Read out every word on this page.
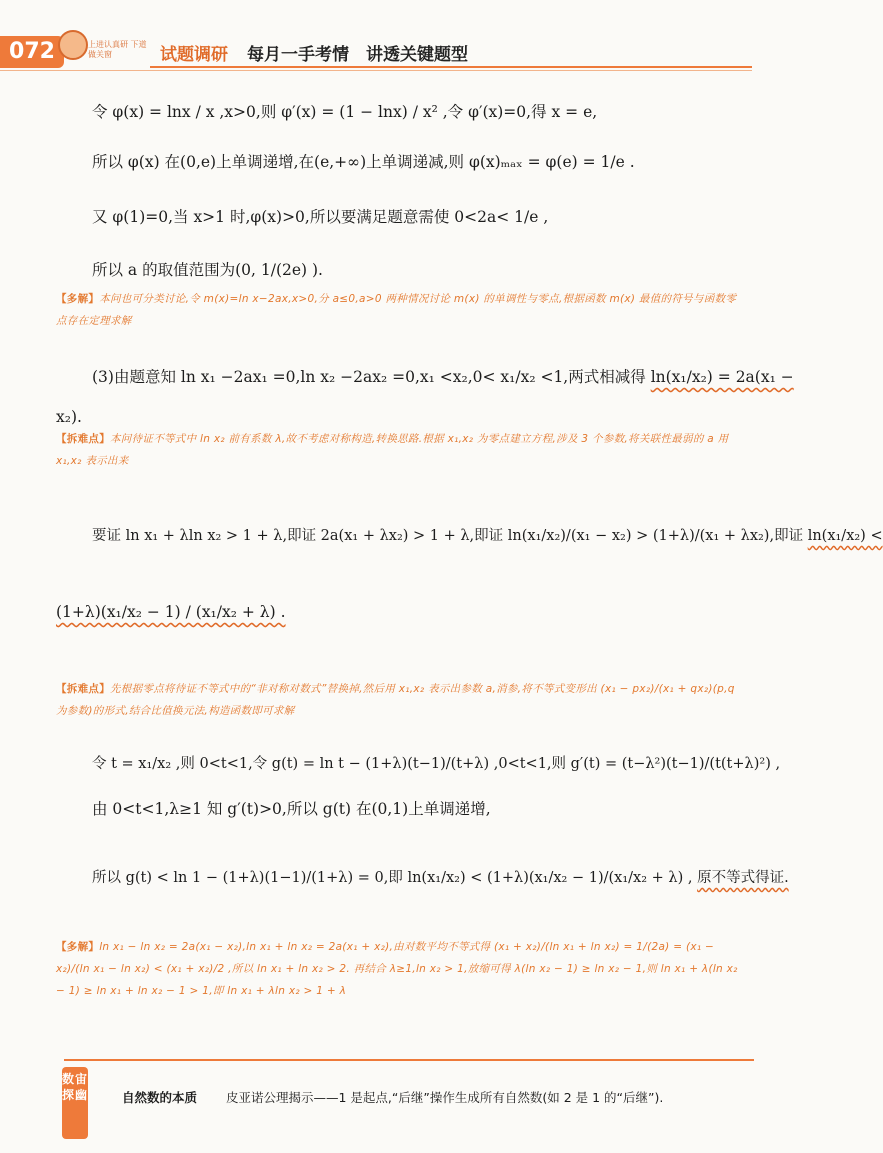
072	上进认真研 下道做关窗	试题调研 每月一手考情　讲透关键题型
令 φ(x) = lnx / x ,x>0,则 φ′(x) = (1 − lnx) / x² ,令 φ′(x)=0,得 x = e,
所以 φ(x) 在(0,e)上单调递增,在(e,+∞)上单调递减,则 φ(x)ₘₐₓ = φ(e) = 1/e .
又 φ(1)=0,当 x>1 时,φ(x)>0,所以要满足题意需使 0<2a< 1/e ,
所以 a 的取值范围为(0, 1/(2e) ).
【多解】本问也可分类讨论,令 m(x)=ln x−2ax,x>0,分 a≤0,a>0 两种情况讨论 m(x) 的单调性与零点,根据函数 m(x) 最值的符号与函数零点存在定理求解
(3)由题意知 ln x₁ −2ax₁ =0,ln x₂ −2ax₂ =0,x₁ <x₂,0< x₁/x₂ <1,两式相减得 ln(x₁/x₂) = 2a(x₁ −
x₂).
【拆难点】本问待证不等式中 ln x₂ 前有系数 λ,故不考虑对称构造,转换思路.根据 x₁,x₂ 为零点建立方程,涉及 3 个参数,将关联性最弱的 a 用 x₁,x₂ 表示出来
要证 ln x₁ + λln x₂ > 1 + λ,即证 2a(x₁ + λx₂) > 1 + λ,即证 ln(x₁/x₂)/(x₁ − x₂) > (1+λ)/(x₁ + λx₂),即证 ln(x₁/x₂) <
(1+λ)(x₁/x₂ − 1) / (x₁/x₂ + λ) .
【拆难点】先根据零点将待证不等式中的“非对称对数式”替换掉,然后用 x₁,x₂ 表示出参数 a,消参,将不等式变形出 (x₁ − px₂)/(x₁ + qx₂)(p,q 为参数)的形式,结合比值换元法,构造函数即可求解
令 t = x₁/x₂ ,则 0<t<1,令 g(t) = ln t − (1+λ)(t−1)/(t+λ) ,0<t<1,则 g′(t) = (t−λ²)(t−1)/(t(t+λ)²) ,
由 0<t<1,λ≥1 知 g′(t)>0,所以 g(t) 在(0,1)上单调递增,
所以 g(t) < ln 1 − (1+λ)(1−1)/(1+λ) = 0,即 ln(x₁/x₂) < (1+λ)(x₁/x₂ − 1)/(x₁/x₂ + λ) , 原不等式得证.
【多解】ln x₁ − ln x₂ = 2a(x₁ − x₂),ln x₁ + ln x₂ = 2a(x₁ + x₂),由对数平均不等式得 (x₁ + x₂)/(ln x₁ + ln x₂) = 1/(2a) = (x₁ − x₂)/(ln x₁ − ln x₂) < (x₁ + x₂)/2 ,所以 ln x₁ + ln x₂ > 2. 再结合 λ≥1,ln x₂ > 1,放缩可得 λ(ln x₂ − 1) ≥ ln x₂ − 1,则 ln x₁ + λ(ln x₂ − 1) ≥ ln x₁ + ln x₂ − 1 > 1,即 ln x₁ + λln x₂ > 1 + λ
数宙探幽	自然数的本质 皮亚诺公理揭示——1 是起点,“后继”操作生成所有自然数(如 2 是 1 的“后继”).
